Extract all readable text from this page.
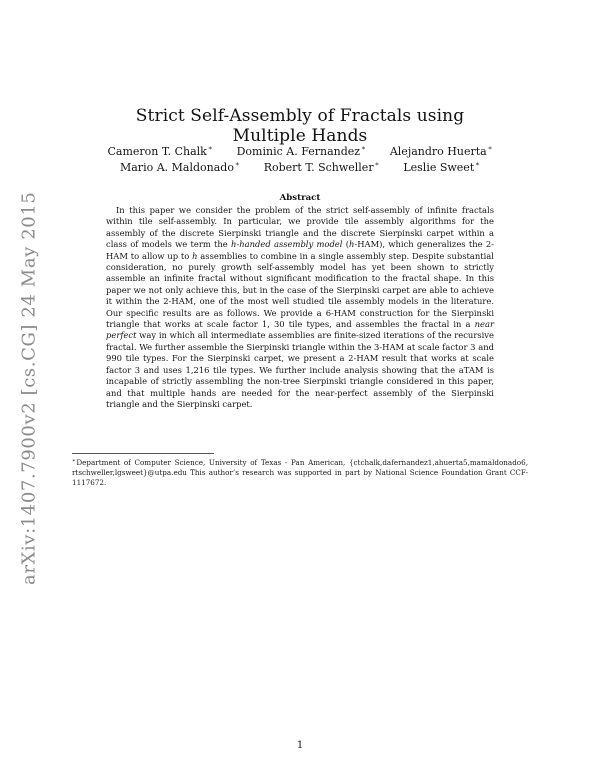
arXiv:1407.7900v2 [cs.CG] 24 May 2015
Strict Self-Assembly of Fractals using Multiple Hands
Cameron T. Chalk∗ Dominic A. Fernandez∗ Alejandro Huerta∗
Mario A. Maldonado∗ Robert T. Schweller∗ Leslie Sweet∗
Abstract

In this paper we consider the problem of the strict self-assembly of infinite fractals within tile self-assembly. In particular, we provide tile assembly algorithms for the assembly of the discrete Sierpinski triangle and the discrete Sierpinski carpet within a class of models we term the h-handed assembly model (h-HAM), which generalizes the 2-HAM to allow up to h assemblies to combine in a single assembly step. Despite substantial consideration, no purely growth self-assembly model has yet been shown to strictly assemble an infinite fractal without significant modification to the fractal shape. In this paper we not only achieve this, but in the case of the Sierpinski carpet are able to achieve it within the 2-HAM, one of the most well studied tile assembly models in the literature. Our specific results are as follows. We provide a 6-HAM construction for the Sierpinski triangle that works at scale factor 1, 30 tile types, and assembles the fractal in a near perfect way in which all intermediate assemblies are finite-sized iterations of the recursive fractal. We further assemble the Sierpinski triangle within the 3-HAM at scale factor 3 and 990 tile types. For the Sierpinski carpet, we present a 2-HAM result that works at scale factor 3 and uses 1,216 tile types. We further include analysis showing that the aTAM is incapable of strictly assembling the non-tree Sierpinski triangle considered in this paper, and that multiple hands are needed for the near-perfect assembly of the Sierpinski triangle and the Sierpinski carpet.

∗Department of Computer Science, University of Texas - Pan American, {ctchalk,dafernandez1,ahuerta5,mamaldonado6, rtschweller,lgsweet}@utpa.edu This author’s research was supported in part by National Science Foundation Grant CCF-1117672.

1
